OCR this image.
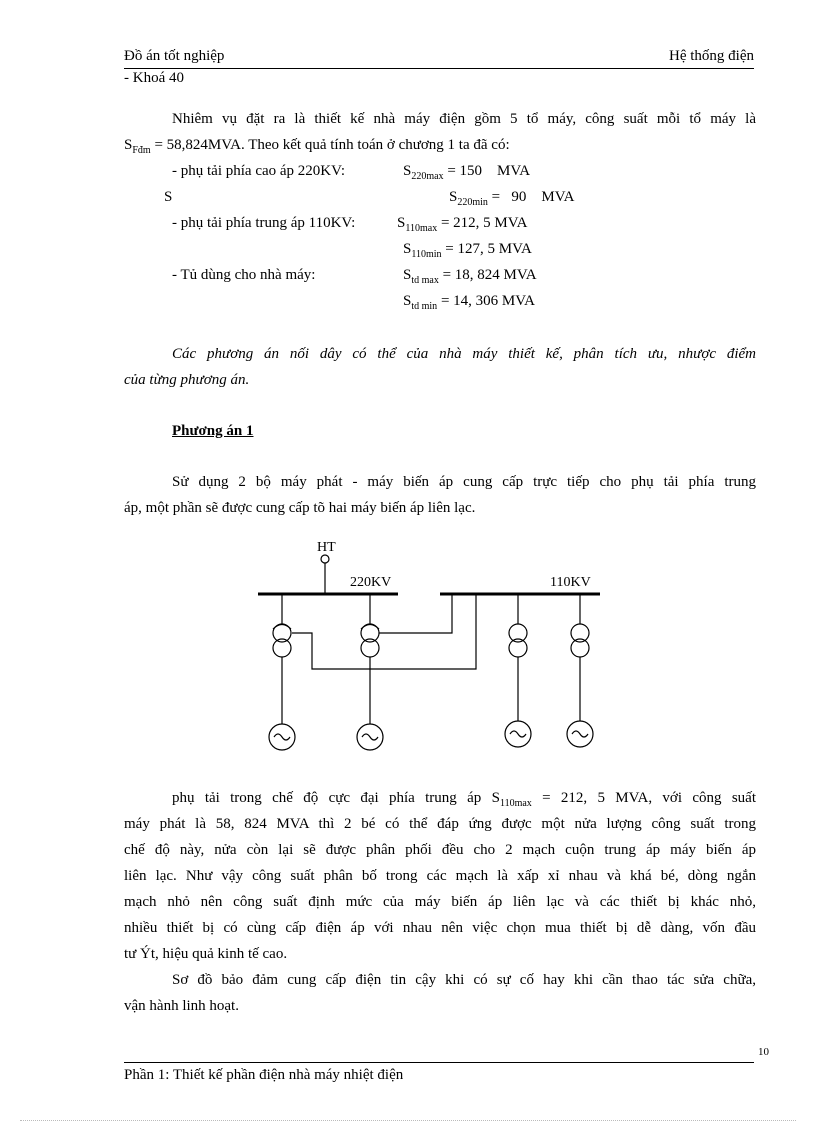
Đồ án tốt nghiệp	Hệ thống điện
- Khoá 40
Nhiêm vụ đặt ra là thiết kế nhà máy điện gồm 5 tổ máy, công suất mỗi tổ máy là
$S_{Fđm} = 58,824MVA$. Theo kết quả tính toán ở chương 1 ta đã có:
- phụ tải phía cao áp 220KV:	$S_{220max} = 150$    MVA
S	$S_{220min} = 90$    MVA
- phụ tải phía trung áp 110KV:	$S_{110max} = 212$, 5 MVA
$S_{110min} = 127$, 5 MVA
- Tủ dùng cho nhà máy:	$S_{td max} = 18$, 824 MVA
$S_{td min} = 14$, 306 MVA
Các phương án nối dây có thể của nhà máy thiết kế, phân tích ưu, nhược điểm
của từng phương án.
Phương án 1
Sử dụng 2 bộ máy phát - máy biến áp cung cấp trực tiếp cho phụ tải phía trung
áp, một phần sẽ được cung cấp tõ hai máy biến áp liên lạc.
HT
220KV	110KV
phụ tải trong chế độ cực đại phía trung áp $S_{110max} = 212$, 5 MVA, với công suất
máy phát là 58, 824 MVA thì 2 bé có thể đáp ứng được một nửa lượng công suất trong
chế độ này, nửa còn lại sẽ được phân phối đều cho 2 mạch cuộn trung áp máy biến áp
liên lạc. Như vậy công suất phân bố trong các mạch là xấp xỉ nhau và khá bé, dòng ngắn
mạch nhỏ nên công suất định mức của máy biến áp liên lạc và các thiết bị khác nhỏ,
nhiều thiết bị có cùng cấp điện áp với nhau nên việc chọn mua thiết bị dễ dàng, vốn đầu
tư Ýt, hiệu quả kinh tế cao.
Sơ đồ bảo đảm cung cấp điện tin cậy khi có sự cố hay khi cần thao tác sửa chữa,
vận hành linh hoạt.
10
Phần 1: Thiết kế phần điện nhà máy nhiệt điện
